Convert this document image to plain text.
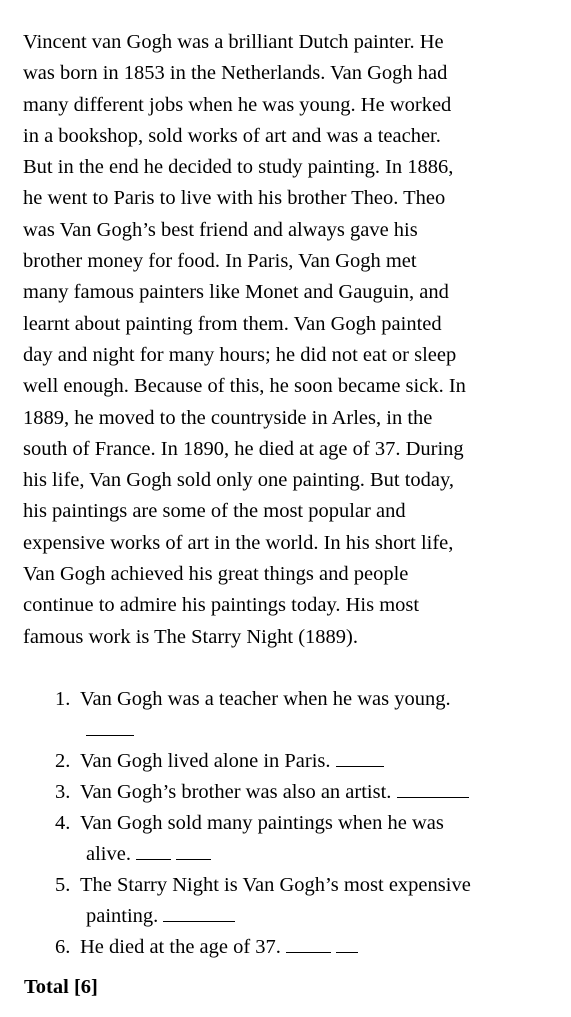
Vincent van Gogh was a brilliant Dutch painter. He
was born in 1853 in the Netherlands. Van Gogh had
many different jobs when he was young. He worked
in a bookshop, sold works of art and was a teacher.
But in the end he decided to study painting. In 1886,
he went to Paris to live with his brother Theo. Theo
was Van Gogh’s best friend and always gave his
brother money for food. In Paris, Van Gogh met
many famous painters like Monet and Gauguin, and
learnt about painting from them. Van Gogh painted
day and night for many hours; he did not eat or sleep
well enough. Because of this, he soon became sick. In
1889, he moved to the countryside in Arles, in the
south of France. In 1890, he died at age of 37. During
his life, Van Gogh sold only one painting. But today,
his paintings are some of the most popular and
expensive works of art in the world. In his short life,
Van Gogh achieved his great things and people
continue to admire his paintings today. His most
famous work is The Starry Night (1889).
1. Van Gogh was a teacher when he was young.
2. Van Gogh lived alone in Paris.
3. Van Gogh’s brother was also an artist.
4. Van Gogh sold many paintings when he was
alive.
5. The Starry Night is Van Gogh’s most expensive
painting.
6. He died at the age of 37.
Total [6]
